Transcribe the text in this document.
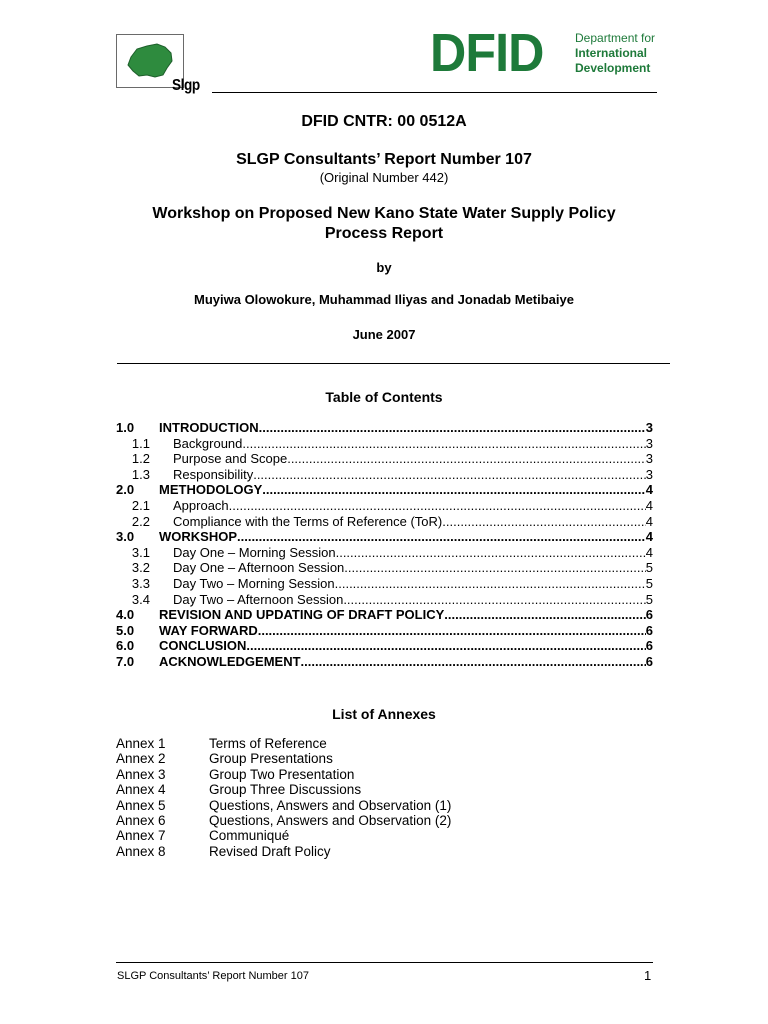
Slgp
DFID	Department for
International
Development
DFID CNTR: 00 0512A
SLGP Consultants’ Report Number 107
(Original Number 442)
Workshop on Proposed New Kano State Water Supply Policy
Process Report
by
Muyiwa Olowokure, Muhammad Iliyas and Jonadab Metibaiye
June 2007
Table of Contents
1.0	INTRODUCTION .....	3
1.1	Background .....	3
1.2	Purpose and Scope .....	3
1.3	Responsibility .....	3
2.0	METHODOLOGY .....	4
2.1	Approach .....	4
2.2	Compliance with the Terms of Reference (ToR) .....	4
3.0	WORKSHOP .....	4
3.1	Day One – Morning Session .....	4
3.2	Day One – Afternoon Session .....	5
3.3	Day Two – Morning Session .....	5
3.4	Day Two – Afternoon Session .....	5
4.0	REVISION AND UPDATING OF DRAFT POLICY .....	6
5.0	WAY FORWARD .....	6
6.0	CONCLUSION .....	6
7.0	ACKNOWLEDGEMENT .....	6
List of Annexes
Annex 1	Terms of Reference
Annex 2	Group Presentations
Annex 3	Group Two Presentation
Annex 4	Group Three Discussions
Annex 5	Questions, Answers and Observation (1)
Annex 6	Questions, Answers and Observation (2)
Annex 7	Communiqué
Annex 8	Revised Draft Policy
SLGP Consultants’ Report Number 107	1
